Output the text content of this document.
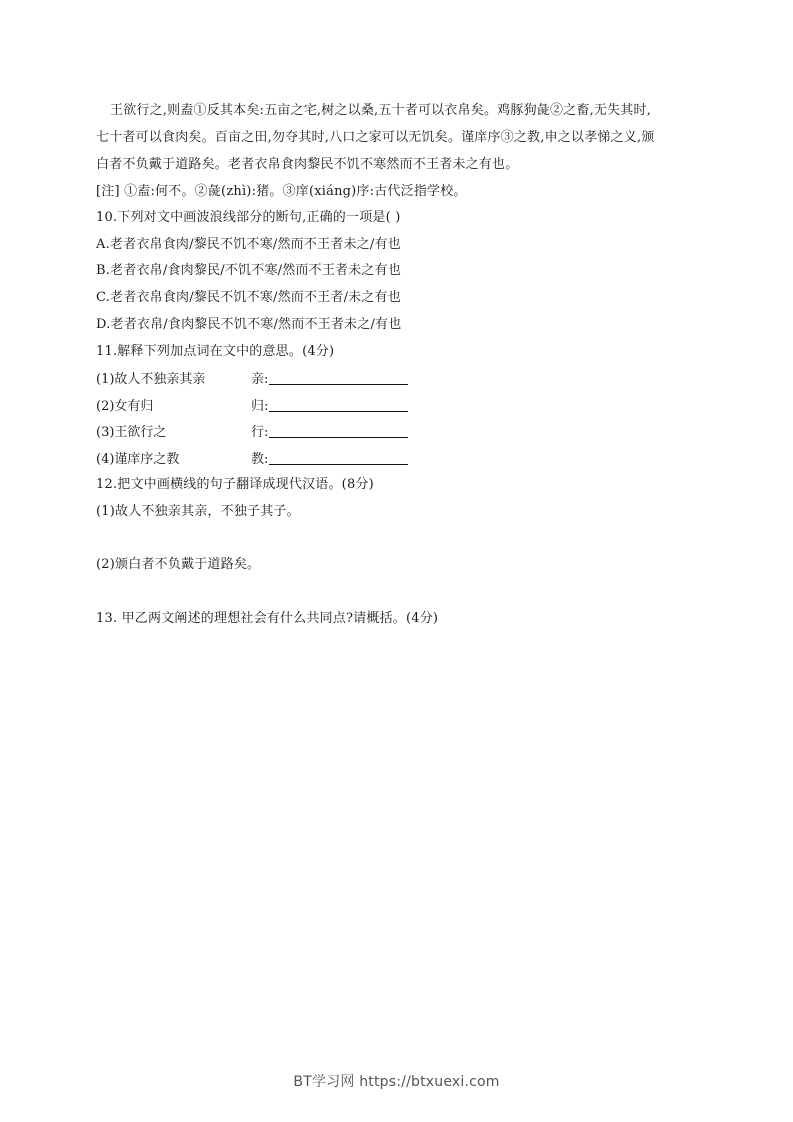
王欲行之,则盍①反其本矣:五亩之宅,树之以桑,五十者可以衣帛矣。鸡豚狗彘②之畜,无失其时,
七十者可以食肉矣。百亩之田,勿夺其时,八口之家可以无饥矣。谨庠序③之教,申之以孝悌之义,颁
白者不负戴于道路矣。老者衣帛食肉黎民不饥不寒然而不王者未之有也。
[注] ①盍:何不。②彘(zhì):猪。③庠(xiáng)序:古代泛指学校。
10.下列对文中画波浪线部分的断句,正确的一项是( )
A.老者衣帛食肉/黎民不饥不寒/然而不王者未之/有也
B.老者衣帛/食肉黎民/不饥不寒/然而不王者未之有也
C.老者衣帛食肉/黎民不饥不寒/然而不王者/未之有也
D.老者衣帛/食肉黎民不饥不寒/然而不王者未之/有也
11.解释下列加点词在文中的意思。(4分)
(1)故人不独亲其亲	亲:
(2)女有归	归:
(3)王欲行之	行:
(4)谨庠序之教	教:
12.把文中画横线的句子翻译成现代汉语。(8分)
(1)故人不独亲其亲，不独子其子。
(2)颁白者不负戴于道路矣。
13. 甲乙两文阐述的理想社会有什么共同点?请概括。(4分)
BT学习网 https://btxuexi.com
